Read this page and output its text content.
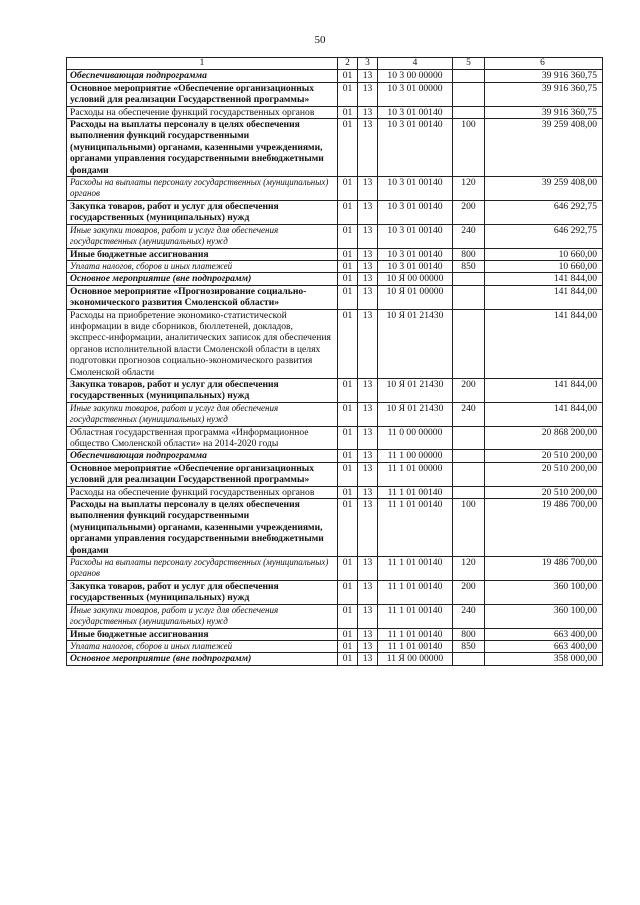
50
1	2	3	4	5	6
Обеспечивающая подпрограмма	01	13	10 3 00 00000		39 916 360,75
Основное мероприятие «Обеспечение организационных условий для реализации Государственной программы»	01	13	10 3 01 00000		39 916 360,75
Расходы на обеспечение функций государственных органов	01	13	10 3 01 00140		39 916 360,75
Расходы на выплаты персоналу в целях обеспечения выполнения функций государственными (муниципальными) органами, казенными учреждениями, органами управления государственными внебюджетными фондами	01	13	10 3 01 00140	100	39 259 408,00
Расходы на выплаты персоналу государственных (муниципальных) органов	01	13	10 3 01 00140	120	39 259 408,00
Закупка товаров, работ и услуг для обеспечения государственных (муниципальных) нужд	01	13	10 3 01 00140	200	646 292,75
Иные закупки товаров, работ и услуг для обеспечения государственных (муниципальных) нужд	01	13	10 3 01 00140	240	646 292,75
Иные бюджетные ассигнования	01	13	10 3 01 00140	800	10 660,00
Уплата налогов, сборов и иных платежей	01	13	10 3 01 00140	850	10 660,00
Основное мероприятие (вне подпрограмм)	01	13	10 Я 00 00000		141 844,00
Основное мероприятие «Прогнозирование социально-экономического развития Смоленской области»	01	13	10 Я 01 00000		141 844,00
Расходы на приобретение экономико-статистической информации в виде сборников, бюллетеней, докладов, экспресс-информации, аналитических записок для обеспечения органов исполнительной власти Смоленской области в целях подготовки прогнозов социально-экономического развития Смоленской области	01	13	10 Я 01 21430		141 844,00
Закупка товаров, работ и услуг для обеспечения государственных (муниципальных) нужд	01	13	10 Я 01 21430	200	141 844,00
Иные закупки товаров, работ и услуг для обеспечения государственных (муниципальных) нужд	01	13	10 Я 01 21430	240	141 844,00
Областная государственная программа «Информационное общество Смоленской области» на 2014-2020 годы	01	13	11 0 00 00000		20 868 200,00
Обеспечивающая подпрограмма	01	13	11 1 00 00000		20 510 200,00
Основное мероприятие «Обеспечение организационных условий для реализации Государственной программы»	01	13	11 1 01 00000		20 510 200,00
Расходы на обеспечение функций государственных органов	01	13	11 1 01 00140		20 510 200,00
Расходы на выплаты персоналу в целях обеспечения выполнения функций государственными (муниципальными) органами, казенными учреждениями, органами управления государственными внебюджетными фондами	01	13	11 1 01 00140	100	19 486 700,00
Расходы на выплаты персоналу государственных (муниципальных) органов	01	13	11 1 01 00140	120	19 486 700,00
Закупка товаров, работ и услуг для обеспечения государственных (муниципальных) нужд	01	13	11 1 01 00140	200	360 100,00
Иные закупки товаров, работ и услуг для обеспечения государственных (муниципальных) нужд	01	13	11 1 01 00140	240	360 100,00
Иные бюджетные ассигнования	01	13	11 1 01 00140	800	663 400,00
Уплата налогов, сборов и иных платежей	01	13	11 1 01 00140	850	663 400,00
Основное мероприятие (вне подпрограмм)	01	13	11 Я 00 00000		358 000,00
